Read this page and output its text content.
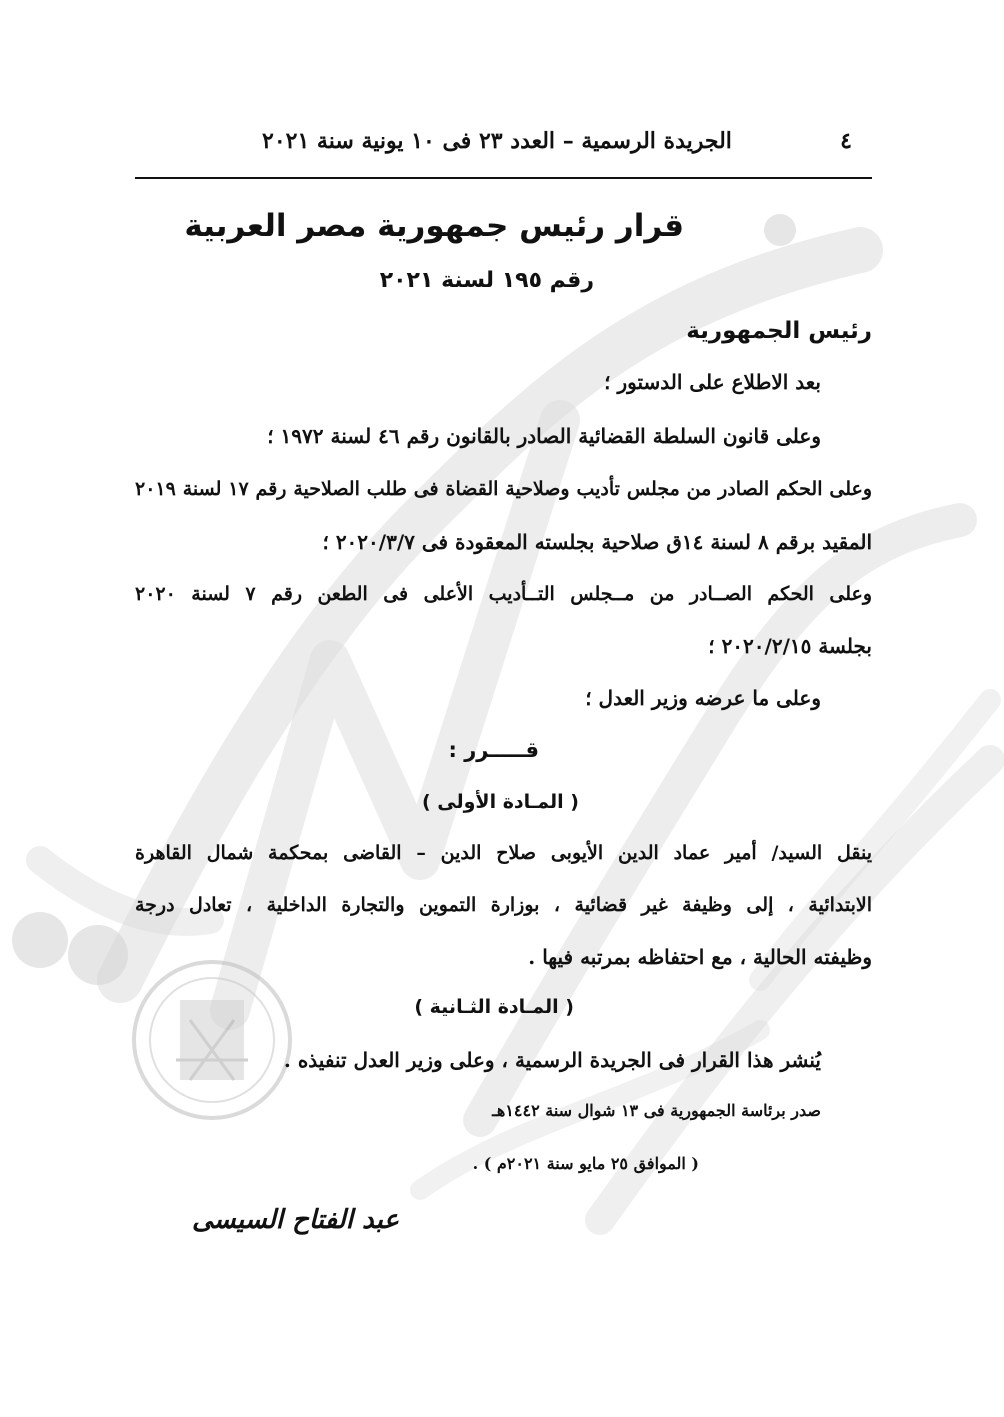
٤
الجريدة الرسمية – العدد ٢٣ فى ١٠ يونية سنة ٢٠٢١
قرار رئيس جمهورية مصر العربية
رقم ١٩٥ لسنة ٢٠٢١
رئيس الجمهورية
بعد الاطلاع على الدستور ؛
وعلى قانون السلطة القضائية الصادر بالقانون رقم ٤٦ لسنة ١٩٧٢ ؛
وعلى الحكم الصادر من مجلس تأديب وصلاحية القضاة فى طلب الصلاحية رقم ١٧ لسنة ٢٠١٩
المقيد برقم ٨ لسنة ١٤ق صلاحية بجلسته المعقودة فى ٢٠٢٠/٣/٧ ؛
وعلى الحكم الصــادر من مــجلس التــأديب الأعلى فى الطعن رقم ٧ لسنة ٢٠٢٠
بجلسة ٢٠٢٠/٢/١٥ ؛
وعلى ما عرضه وزير العدل ؛
قـــــرر :
( المـادة الأولى )
ينقل السيد/ أمير عماد الدين الأيوبى صلاح الدين – القاضى بمحكمة شمال القاهرة
الابتدائية ، إلى وظيفة غير قضائية ، بوزارة التموين والتجارة الداخلية ، تعادل درجة
وظيفته الحالية ، مع احتفاظه بمرتبه فيها .
( المـادة الثـانية )
يُنشر هذا القرار فى الجريدة الرسمية ، وعلى وزير العدل تنفيذه .
صدر برئاسة الجمهورية فى ١٣ شوال سنة ١٤٤٢هـ
( الموافق ٢٥ مايو سنة ٢٠٢١م ) .
عبد الفتاح السيسى
